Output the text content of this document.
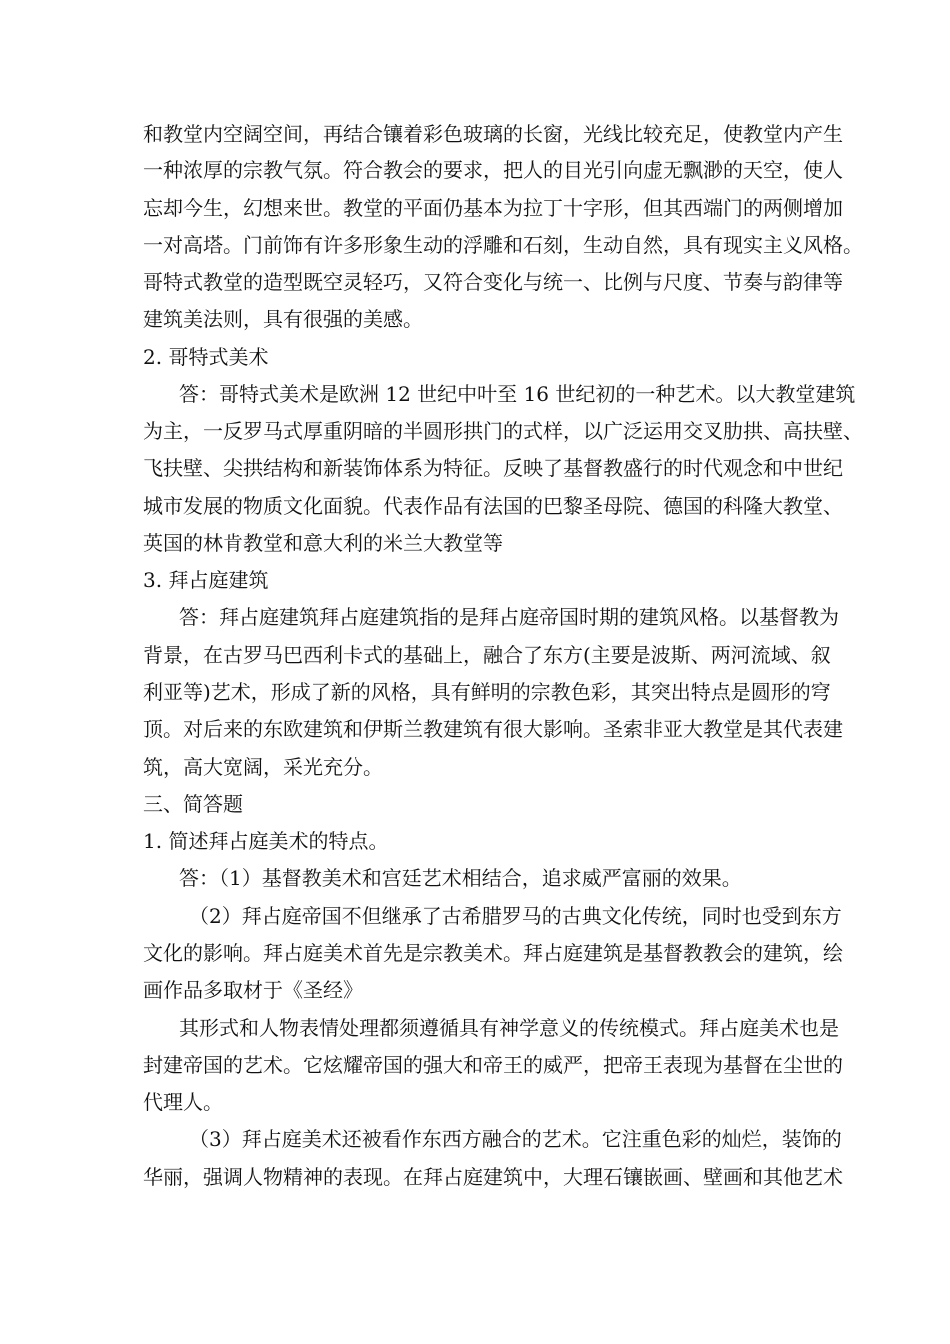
和教堂内空阔空间，再结合镶着彩色玻璃的长窗，光线比较充足，使教堂内产生
一种浓厚的宗教气氛。符合教会的要求，把人的目光引向虚无飘渺的天空，使人
忘却今生，幻想来世。教堂的平面仍基本为拉丁十字形，但其西端门的两侧增加
一对高塔。门前饰有许多形象生动的浮雕和石刻，生动自然，具有现实主义风格。
哥特式教堂的造型既空灵轻巧，又符合变化与统一、比例与尺度、节奏与韵律等
建筑美法则，具有很强的美感。
2. 哥特式美术
答：哥特式美术是欧洲 12 世纪中叶至 16 世纪初的一种艺术。以大教堂建筑
为主，一反罗马式厚重阴暗的半圆形拱门的式样，以广泛运用交叉肋拱、高扶壁、
飞扶壁、尖拱结构和新装饰体系为特征。反映了基督教盛行的时代观念和中世纪
城市发展的物质文化面貌。代表作品有法国的巴黎圣母院、德国的科隆大教堂、
英国的林肯教堂和意大利的米兰大教堂等
3. 拜占庭建筑
答：拜占庭建筑拜占庭建筑指的是拜占庭帝国时期的建筑风格。以基督教为
背景，在古罗马巴西利卡式的基础上，融合了东方(主要是波斯、两河流域、叙
利亚等)艺术，形成了新的风格，具有鲜明的宗教色彩，其突出特点是圆形的穹
顶。对后来的东欧建筑和伊斯兰教建筑有很大影响。圣索非亚大教堂是其代表建
筑，高大宽阔，采光充分。
三、简答题
1. 简述拜占庭美术的特点。
答：（1）基督教美术和宫廷艺术相结合，追求威严富丽的效果。
（2）拜占庭帝国不但继承了古希腊罗马的古典文化传统，同时也受到东方
文化的影响。拜占庭美术首先是宗教美术。拜占庭建筑是基督教教会的建筑，绘
画作品多取材于《圣经》
其形式和人物表情处理都须遵循具有神学意义的传统模式。拜占庭美术也是
封建帝国的艺术。它炫耀帝国的强大和帝王的威严，把帝王表现为基督在尘世的
代理人。
（3）拜占庭美术还被看作东西方融合的艺术。它注重色彩的灿烂，装饰的
华丽，强调人物精神的表现。在拜占庭建筑中，大理石镶嵌画、壁画和其他艺术
